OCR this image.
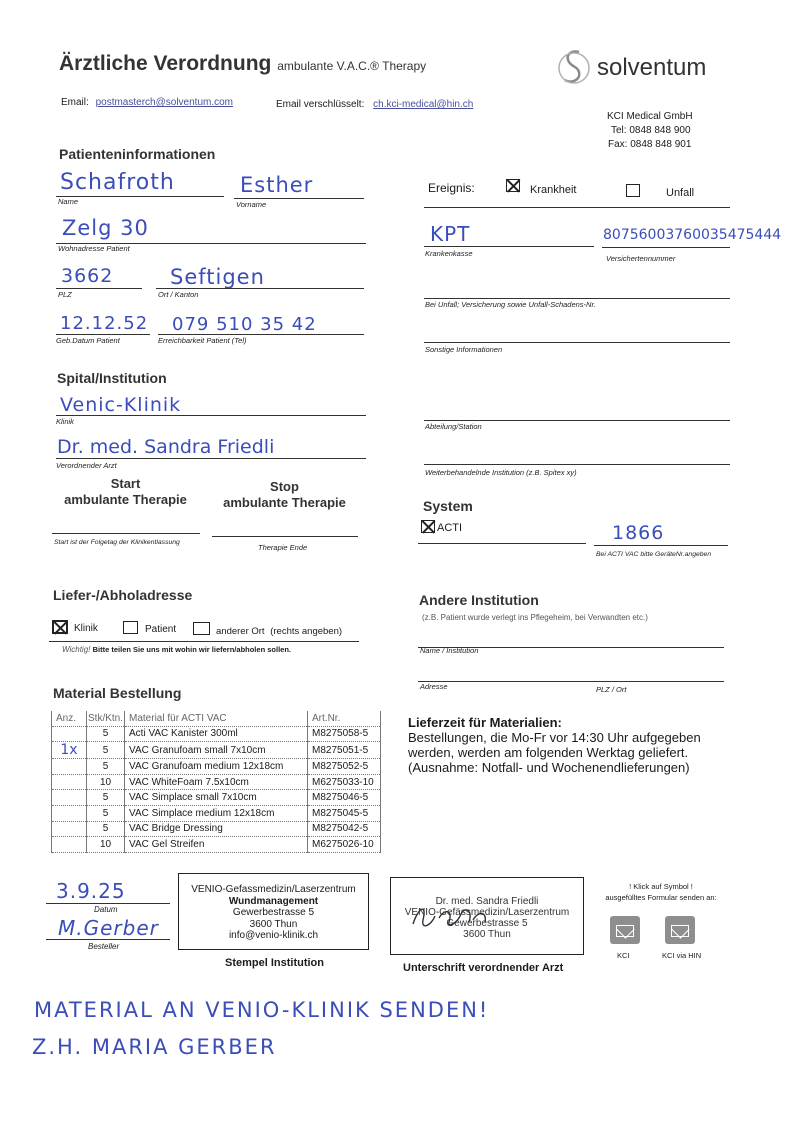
Ärztliche Verordnung ambulante V.A.C.® Therapy	solventum
Email: postmasterch@solventum.com	Email verschlüsselt: ch.kci-medical@hin.ch
KCI Medical GmbH
Tel: 0848 848 900
Fax: 0848 848 901
Patienteninformationen
Schafroth
Name
Esther
Vorname
Zelg 30
Wohnadresse Patient
3662
PLZ
Seftigen
Ort / Kanton
12.12.52
Geb.Datum Patient
079 510 35 42
Erreichbarkeit Patient (Tel)
Ereignis:	Krankheit	Unfall
KPT
Krankenkasse
80756003760035475444
Versichertennummer
Bei Unfall; Versicherung sowie Unfall-Schadens-Nr.
Sonstige Informationen
Spital/Institution
Venic-Klinik
Klinik
Dr. med. Sandra Friedli
Verordnender Arzt
Abteilung/Station
Weiterbehandelnde Institution (z.B. Spitex xy)
Start
ambulante Therapie
Stop
ambulante Therapie
Start ist der Folgetag der Klinikentlassung
Therapie Ende
System
ACTI	1866
Bei ACTI VAC bitte GeräteNr.angeben
Liefer-/Abholadresse
Klinik	Patient	anderer Ort (rechts angeben)
Wichtig! Bitte teilen Sie uns mit wohin wir liefern/abholen sollen.
Andere Institution
(z.B. Patient wurde verlegt ins Pflegeheim, bei Verwandten etc.)
Name / Institution
Adresse	PLZ / Ort
Material Bestellung
Anz.	Stk/Ktn.	Material für ACTI VAC	Art.Nr.
	5	Acti VAC Kanister 300ml	M8275058-5
1x	5	VAC Granufoam small 7x10cm	M8275051-5
	5	VAC Granufoam medium 12x18cm	M8275052-5
	10	VAC WhiteFoam 7.5x10cm	M6275033-10
	5	VAC Simplace small 7x10cm	M8275046-5
	5	VAC Simplace medium 12x18cm	M8275045-5
	5	VAC Bridge Dressing	M8275042-5
	10	VAC Gel Streifen	M6275026-10
Lieferzeit für Materialien:
Bestellungen, die Mo-Fr vor 14:30 Uhr aufgegeben
werden, werden am folgenden Werktag geliefert.
(Ausnahme: Notfall- und Wochenendlieferungen)
3.9.25
Datum
M.Gerber
Besteller
VENIO-Gefassmedizin/Laserzentrum
Wundmanagement
Gewerbestrasse 5
3600 Thun
info@venio-klinik.ch
Stempel Institution
Dr. med. Sandra Friedli
VENIO-Gefässmedizin/Laserzentrum
Gewerbestrasse 5
3600 Thun
Unterschrift verordnender Arzt
! Klick auf Symbol !
ausgefülltes Formular senden an:
KCI	KCI via HIN
MATERIAL AN VENIO-KLINIK SENDEN!
Z.H. MARIA GERBER
